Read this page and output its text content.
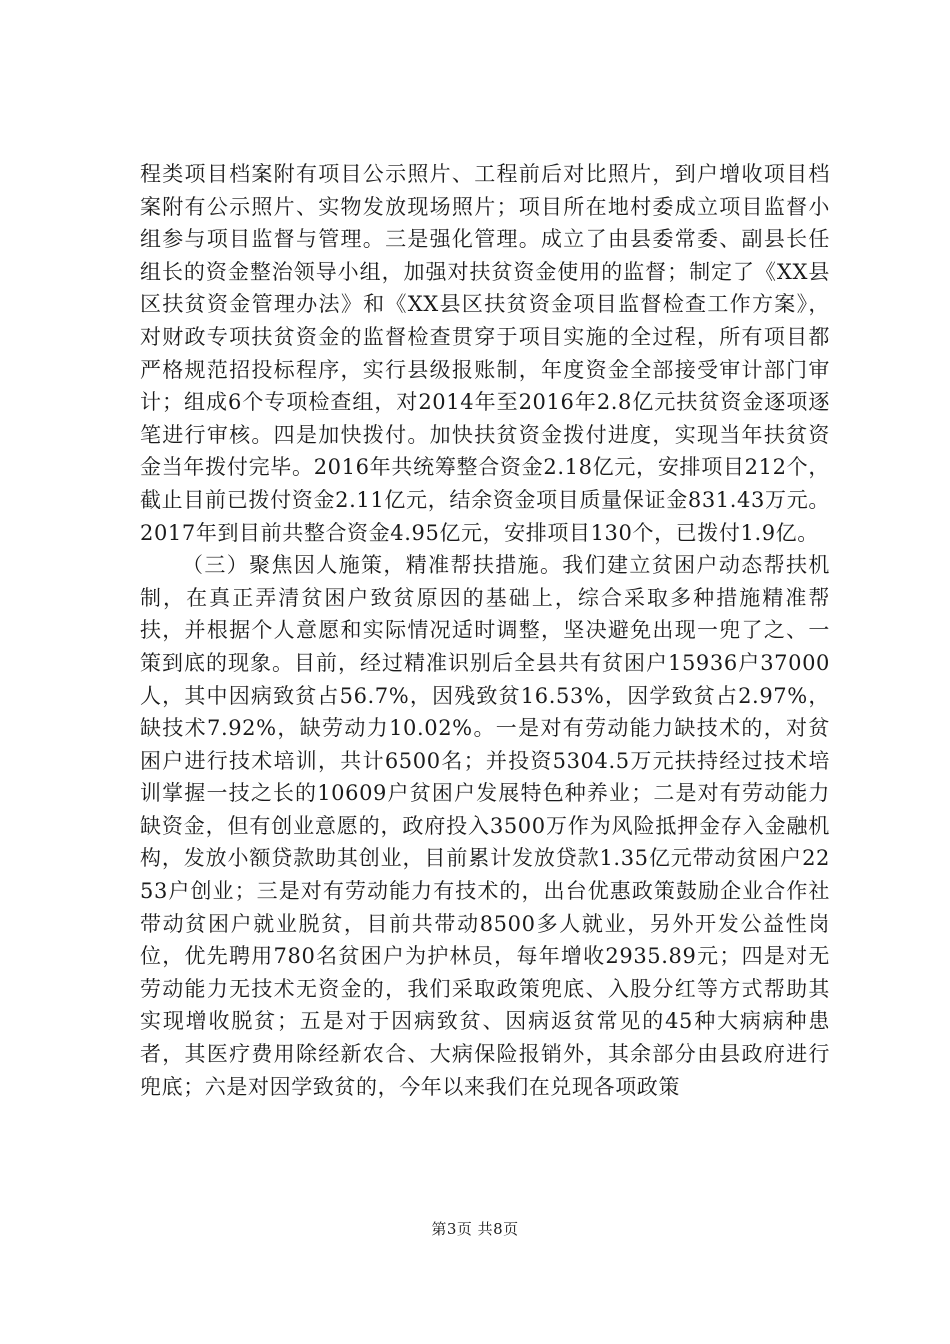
程类项目档案附有项目公示照片、工程前后对比照片，到户增收项目档案附有公示照片、实物发放现场照片；项目所在地村委成立项目监督小组参与项目监督与管理。三是强化管理。成立了由县委常委、副县长任组长的资金整治领导小组，加强对扶贫资金使用的监督；制定了《XX县区扶贫资金管理办法》和《XX县区扶贫资金项目监督检查工作方案》，对财政专项扶贫资金的监督检查贯穿于项目实施的全过程，所有项目都严格规范招投标程序，实行县级报账制，年度资金全部接受审计部门审计；组成6个专项检查组，对2014年至2016年2.8亿元扶贫资金逐项逐笔进行审核。四是加快拨付。加快扶贫资金拨付进度，实现当年扶贫资金当年拨付完毕。2016年共统筹整合资金2.18亿元，安排项目212个，截止目前已拨付资金2.11亿元，结余资金项目质量保证金831.43万元。2017年到目前共整合资金4.95亿元，安排项目130个，已拨付1.9亿。

（三）聚焦因人施策，精准帮扶措施。我们建立贫困户动态帮扶机制，在真正弄清贫困户致贫原因的基础上，综合采取多种措施精准帮扶，并根据个人意愿和实际情况适时调整，坚决避免出现一兜了之、一策到底的现象。目前，经过精准识别后全县共有贫困户15936户37000人，其中因病致贫占56.7%，因残致贫16.53%，因学致贫占2.97%，缺技术7.92%，缺劳动力10.02%。一是对有劳动能力缺技术的，对贫困户进行技术培训，共计6500名；并投资5304.5万元扶持经过技术培训掌握一技之长的10609户贫困户发展特色种养业；二是对有劳动能力缺资金，但有创业意愿的，政府投入3500万作为风险抵押金存入金融机构，发放小额贷款助其创业，目前累计发放贷款1.35亿元带动贫困户2253户创业；三是对有劳动能力有技术的，出台优惠政策鼓励企业合作社带动贫困户就业脱贫，目前共带动8500多人就业，另外开发公益性岗位，优先聘用780名贫困户为护林员，每年增收2935.89元；四是对无劳动能力无技术无资金的，我们采取政策兜底、入股分红等方式帮助其实现增收脱贫；五是对于因病致贫、因病返贫常见的45种大病病种患者，其医疗费用除经新农合、大病保险报销外，其余部分由县政府进行兜底；六是对因学致贫的，今年以来我们在兑现各项政策

第3页 共8页
